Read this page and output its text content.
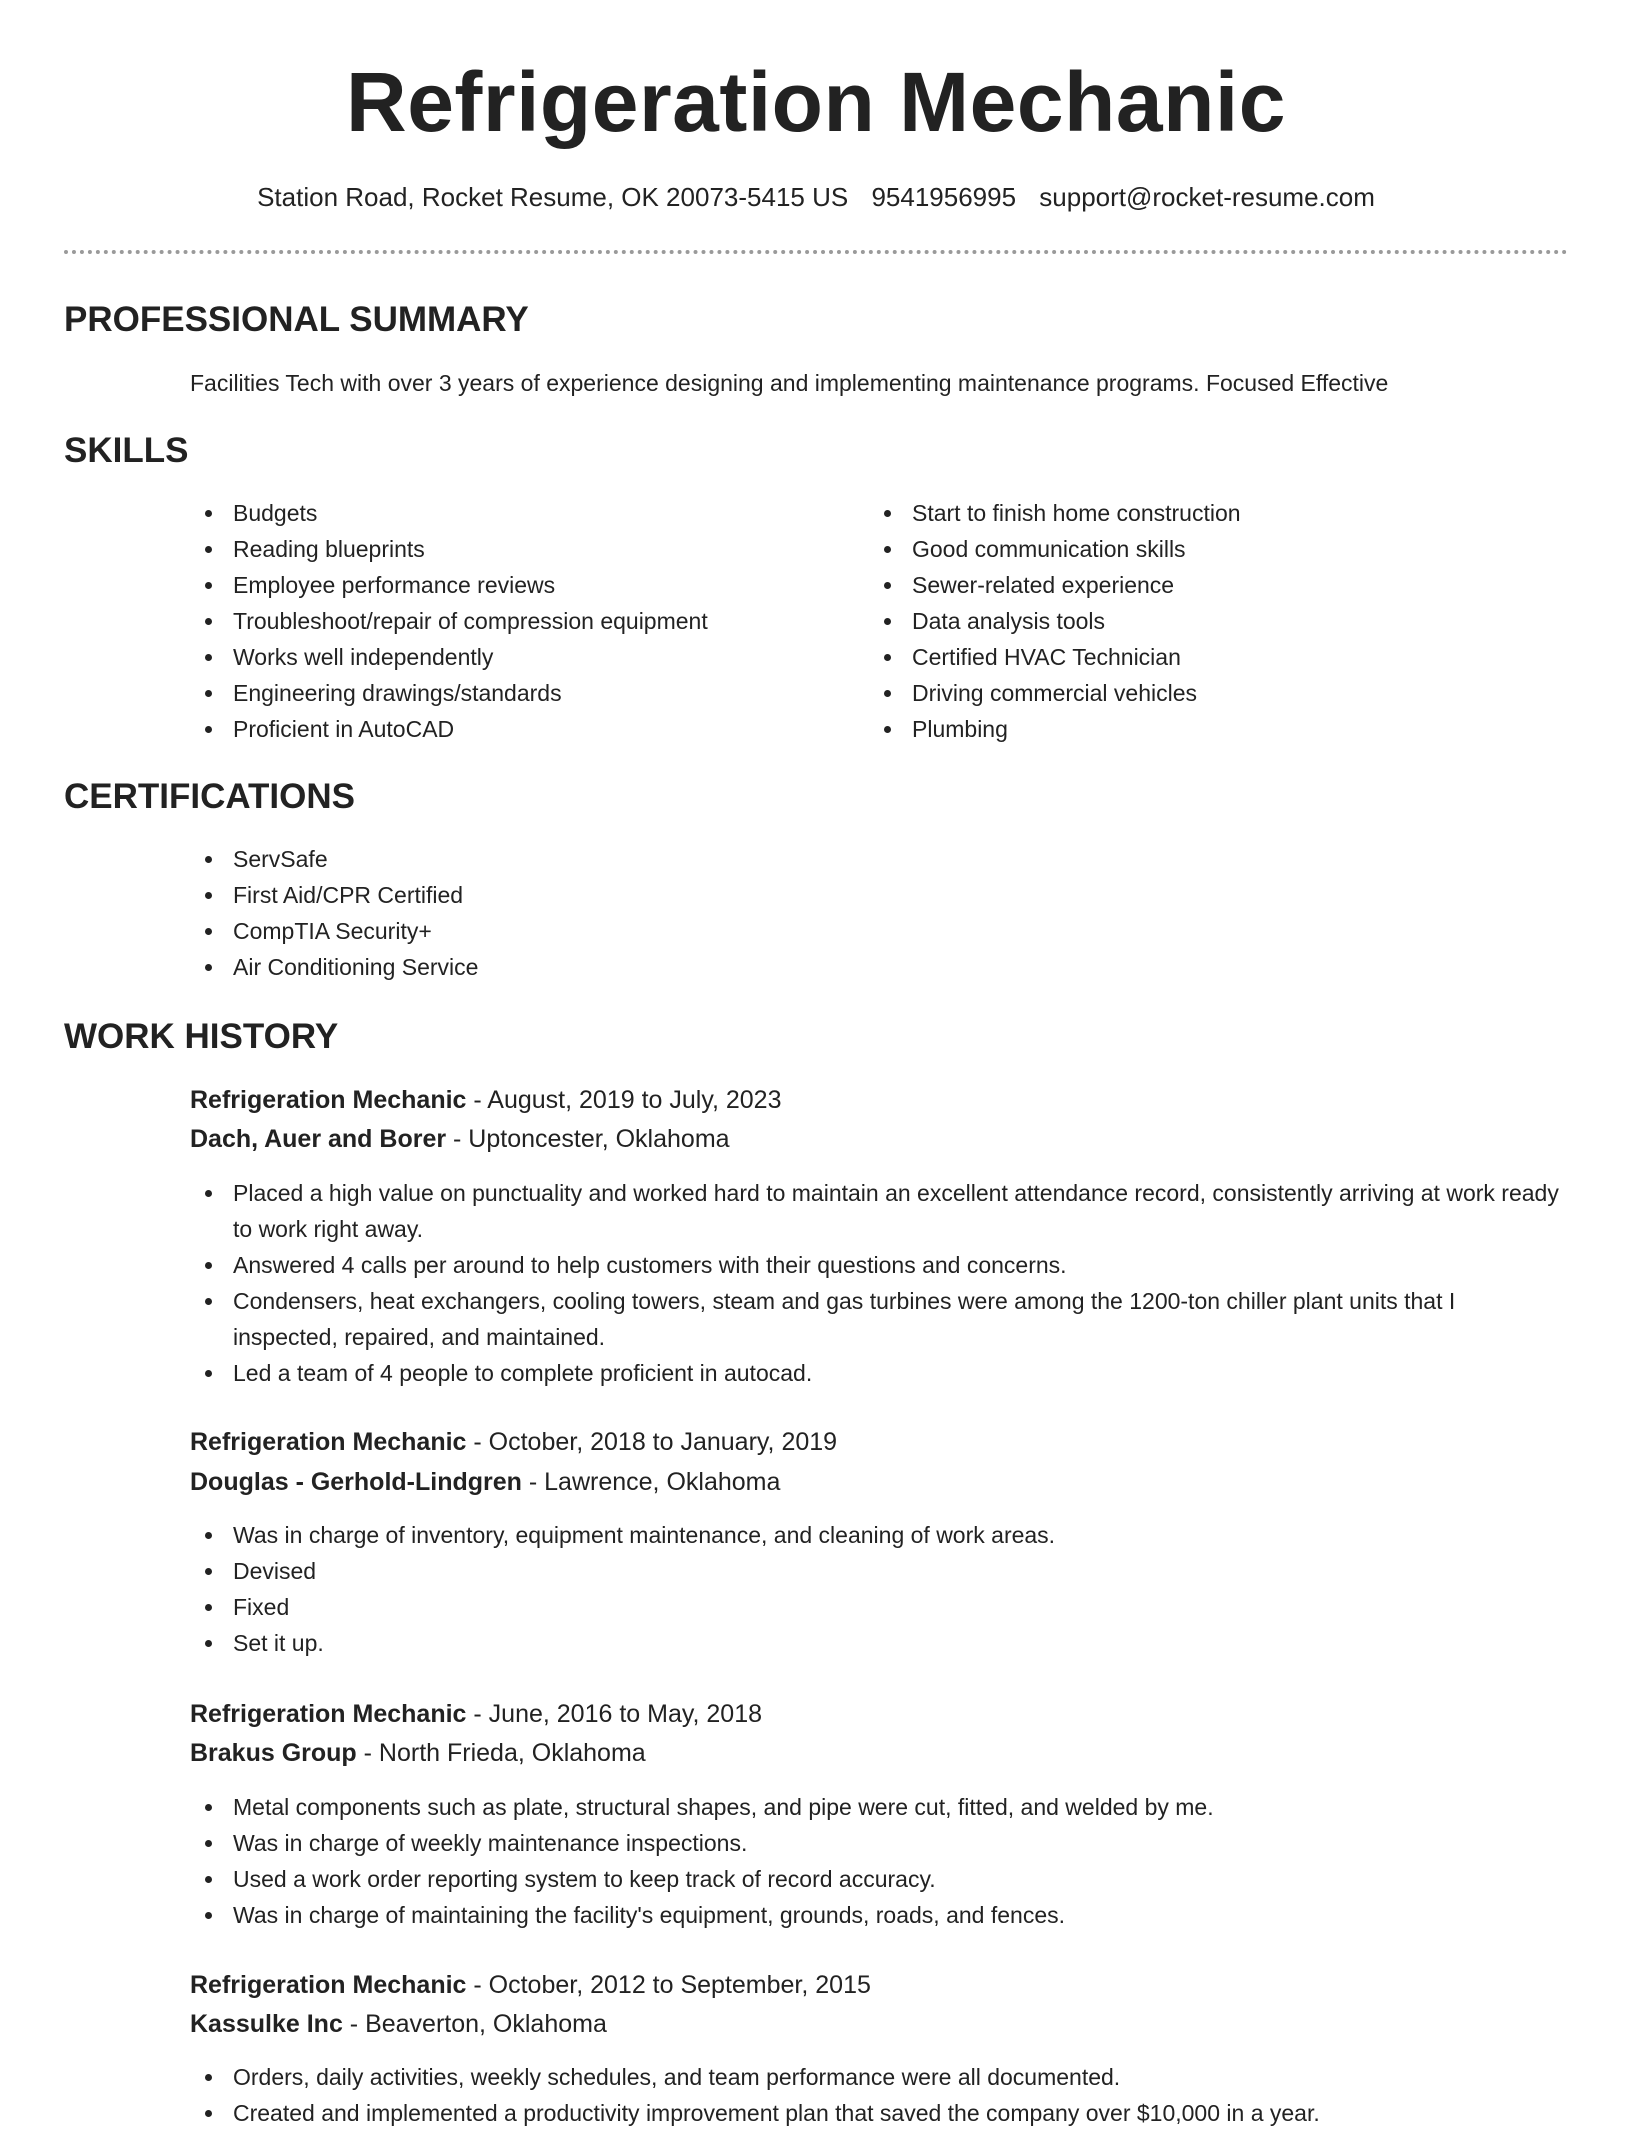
Refrigeration Mechanic
Station Road, Rocket Resume, OK 20073-5415 US 9541956995 support@rocket-resume.com
PROFESSIONAL SUMMARY
Facilities Tech with over 3 years of experience designing and implementing maintenance programs. Focused Effective
SKILLS
Budgets
Reading blueprints
Employee performance reviews
Troubleshoot/repair of compression equipment
Works well independently
Engineering drawings/standards
Proficient in AutoCAD
Start to finish home construction
Good communication skills
Sewer-related experience
Data analysis tools
Certified HVAC Technician
Driving commercial vehicles
Plumbing
CERTIFICATIONS
ServSafe
First Aid/CPR Certified
CompTIA Security+
Air Conditioning Service
WORK HISTORY
Refrigeration Mechanic - August, 2019 to July, 2023
Dach, Auer and Borer - Uptoncester, Oklahoma
Placed a high value on punctuality and worked hard to maintain an excellent attendance record, consistently arriving at work ready to work right away.
Answered 4 calls per around to help customers with their questions and concerns.
Condensers, heat exchangers, cooling towers, steam and gas turbines were among the 1200-ton chiller plant units that I inspected, repaired, and maintained.
Led a team of 4 people to complete proficient in autocad.
Refrigeration Mechanic - October, 2018 to January, 2019
Douglas - Gerhold-Lindgren - Lawrence, Oklahoma
Was in charge of inventory, equipment maintenance, and cleaning of work areas.
Devised
Fixed
Set it up.
Refrigeration Mechanic - June, 2016 to May, 2018
Brakus Group - North Frieda, Oklahoma
Metal components such as plate, structural shapes, and pipe were cut, fitted, and welded by me.
Was in charge of weekly maintenance inspections.
Used a work order reporting system to keep track of record accuracy.
Was in charge of maintaining the facility's equipment, grounds, roads, and fences.
Refrigeration Mechanic - October, 2012 to September, 2015
Kassulke Inc - Beaverton, Oklahoma
Orders, daily activities, weekly schedules, and team performance were all documented.
Created and implemented a productivity improvement plan that saved the company over $10,000 in a year.
